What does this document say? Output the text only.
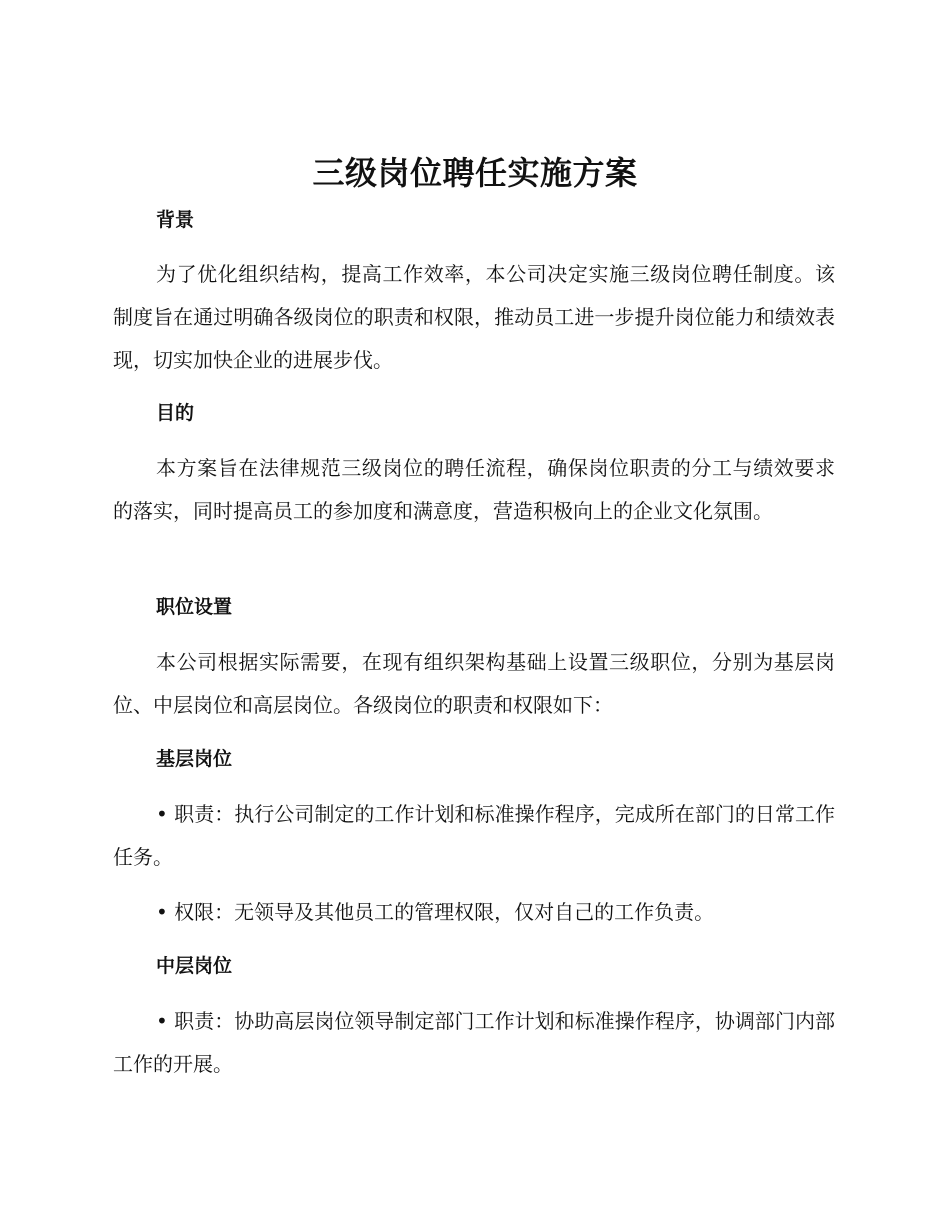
三级岗位聘任实施方案
背景

为了优化组织结构，提高工作效率，本公司决定实施三级岗位聘任制度。该制度旨在通过明确各级岗位的职责和权限，推动员工进一步提升岗位能力和绩效表现，切实加快企业的进展步伐。

目的

本方案旨在法律规范三级岗位的聘任流程，确保岗位职责的分工与绩效要求的落实，同时提高员工的参加度和满意度，营造积极向上的企业文化氛围。

职位设置

本公司根据实际需要，在现有组织架构基础上设置三级职位，分别为基层岗位、中层岗位和高层岗位。各级岗位的职责和权限如下：

基层岗位

• 职责：执行公司制定的工作计划和标准操作程序，完成所在部门的日常工作任务。

• 权限：无领导及其他员工的管理权限，仅对自己的工作负责。

中层岗位

• 职责：协助高层岗位领导制定部门工作计划和标准操作程序，协调部门内部工作的开展。
